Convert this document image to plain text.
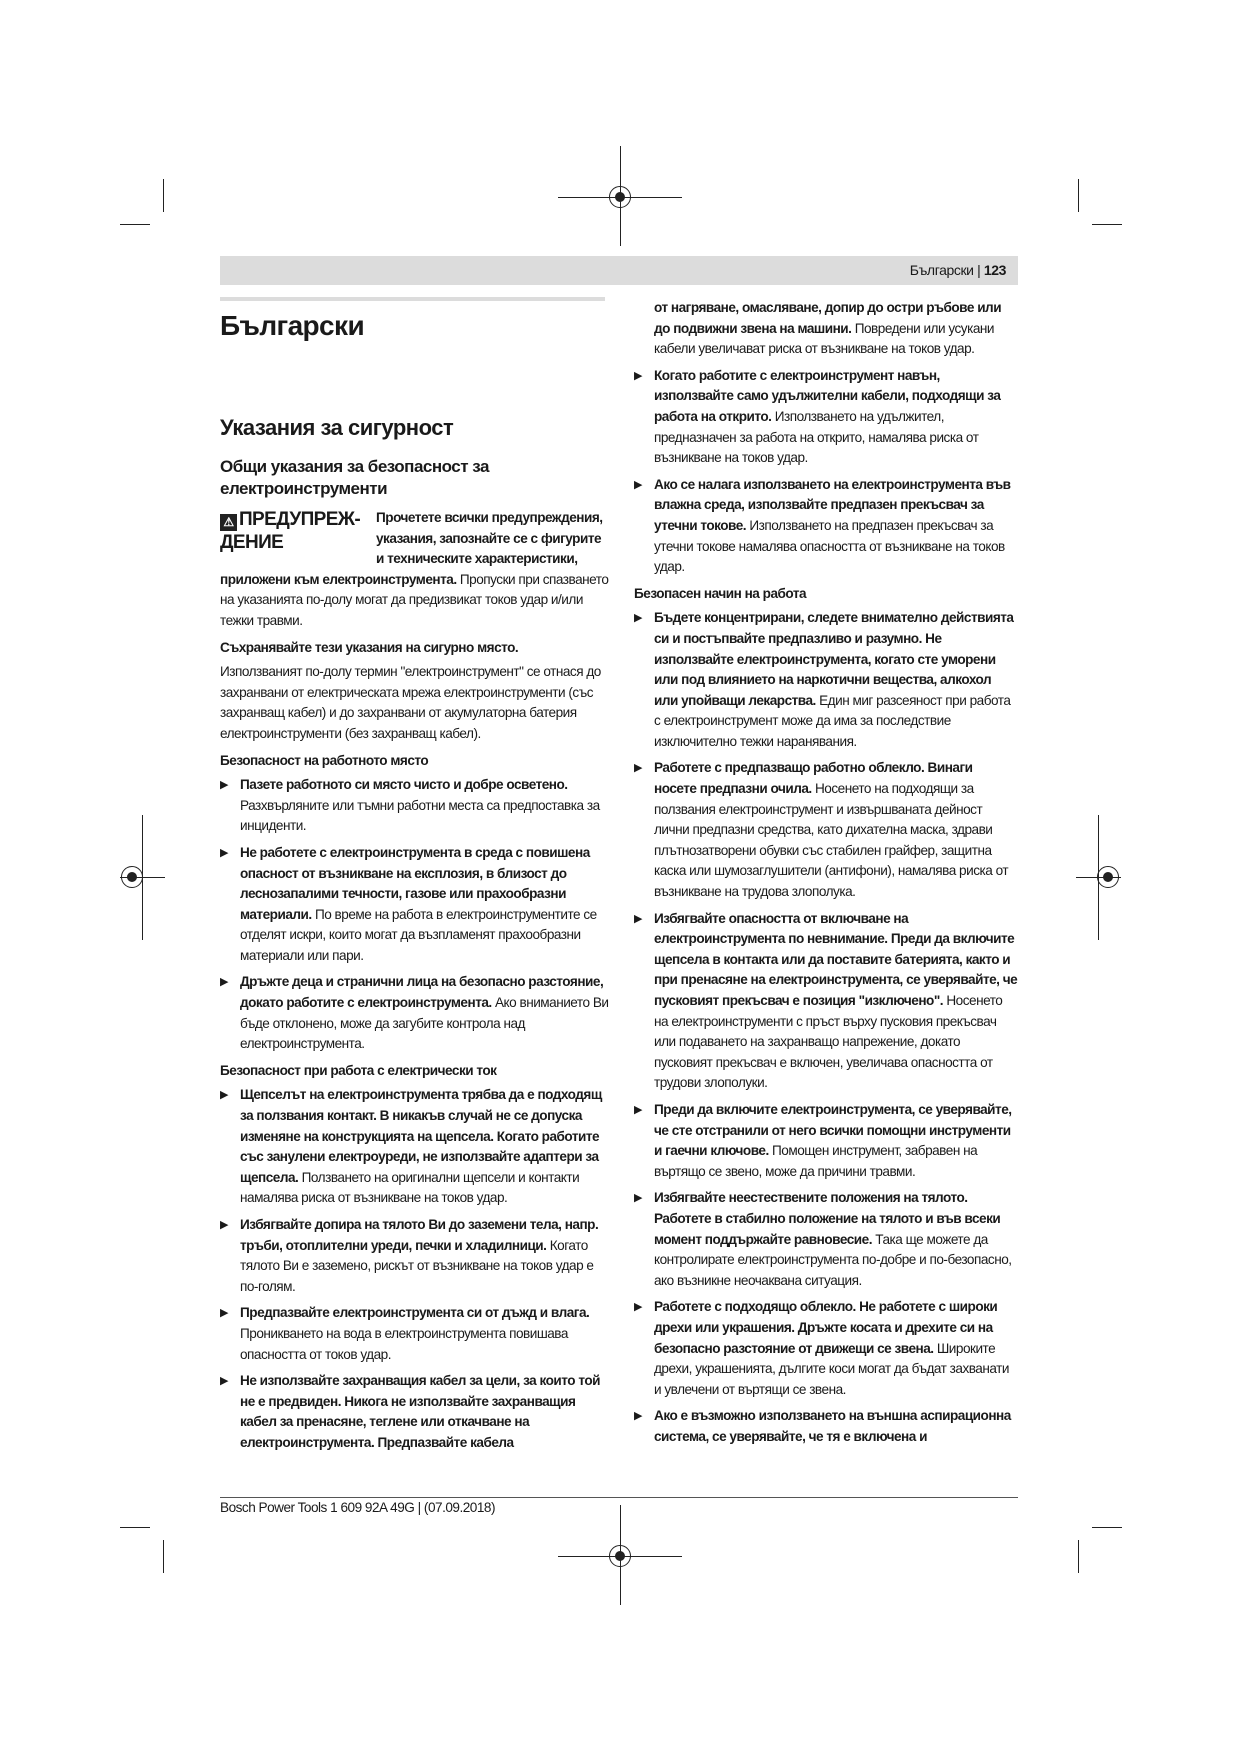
Български | 123
Български
Указания за сигурност
Общи указания за безопасност за електроинструменти
⚠ ПРЕДУПРЕЖ-ДЕНИЕ

Прочетете всички предупреждения, указания, запознайте се с фигурите и техническите характеристики, приложени към електроинструмента. Пропуски при спазването на указанията по-долу могат да предизвикат токов удар и/или тежки травми.

Съхранявайте тези указания на сигурно място.

Използваният по-долу термин "електроинструмент" се отнася до захранвани от електрическата мрежа електроинструменти (със захранващ кабел) и до захранвани от акумулаторна батерия електроинструменти (без захранващ кабел).

Безопасност на работното място

▶ Пазете работното си място чисто и добре осветено. Разхвърляните или тъмни работни места са предпоставка за инциденти.
▶ Не работете с електроинструмента в среда с повишена опасност от възникване на експлозия, в близост до леснозапалими течности, газове или прахообразни материали. По време на работа в електроинструментите се отделят искри, които могат да възпламенят прахообразни материали или пари.
▶ Дръжте деца и странични лица на безопасно разстояние, докато работите с електроинструмента. Ако вниманието Ви бъде отклонено, може да загубите контрола над електроинструмента.

Безопасност при работа с електрически ток

▶ Щепселът на електроинструмента трябва да е подходящ за ползвания контакт. В никакъв случай не се допуска изменяне на конструкцията на щепсела. Когато работите със занулени електроуреди, не използвайте адаптери за щепсела. Ползването на оригинални щепсели и контакти намалява риска от възникване на токов удар.
▶ Избягвайте допира на тялото Ви до заземени тела, напр. тръби, отоплителни уреди, печки и хладилници. Когато тялото Ви е заземено, рискът от възникване на токов удар е по-голям.
▶ Предпазвайте електроинструмента си от дъжд и влага. Проникването на вода в електроинструмента повишава опасността от токов удар.
▶ Не използвайте захранващия кабел за цели, за които той не е предвиден. Никога не използвайте захранващия кабел за пренасяне, теглене или откачване на електроинструмента. Предпазвайте кабела
от нагряване, омасляване, допир до остри ръбове или до подвижни звена на машини. Повредени или усукани кабели увеличават риска от възникване на токов удар.
▶ Когато работите с електроинструмент навън, използвайте само удължителни кабели, подходящи за работа на открито. Използването на удължител, предназначен за работа на открито, намалява риска от възникване на токов удар.
▶ Ако се налага използването на електроинструмента във влажна среда, използвайте предпазен прекъсвач за утечни токове. Използването на предпазен прекъсвач за утечни токове намалява опасността от възникване на токов удар.

Безопасен начин на работа

▶ Бъдете концентрирани, следете внимателно действията си и постъпвайте предпазливо и разумно. Не използвайте електроинструмента, когато сте уморени или под влиянието на наркотични вещества, алкохол или упойващи лекарства. Един миг разсеяност при работа с електроинструмент може да има за последствие изключително тежки наранявания.
▶ Работете с предпазващо работно облекло. Винаги носете предпазни очила. Носенето на подходящи за ползвания електроинструмент и извършваната дейност лични предпазни средства, като дихателна маска, здрави плътнозатворени обувки със стабилен грайфер, защитна каска или шумозаглушители (антифони), намалява риска от възникване на трудова злополука.
▶ Избягвайте опасността от включване на електроинструмента по невнимание. Преди да включите щепсела в контакта или да поставите батерията, както и при пренасяне на електроинструмента, се уверявайте, че пусковият прекъсвач е позиция "изключено". Носенето на електроинструменти с пръст върху пусковия прекъсвач или подаването на захранващо напрежение, докато пусковият прекъсвач е включен, увеличава опасността от трудови злополуки.
▶ Преди да включите електроинструмента, се уверявайте, че сте отстранили от него всички помощни инструменти и гаечни ключове. Помощен инструмент, забравен на въртящо се звено, може да причини травми.
▶ Избягвайте неестествените положения на тялото. Работете в стабилно положение на тялото и във всеки момент поддържайте равновесие. Така ще можете да контролирате електроинструмента по-добре и по-безопасно, ако възникне неочаквана ситуация.
▶ Работете с подходящо облекло. Не работете с широки дрехи или украшения. Дръжте косата и дрехите си на безопасно разстояние от движещи се звена. Широките дрехи, украшенията, дългите коси могат да бъдат захванати и увлечени от въртящи се звена.
▶ Ако е възможно използването на външна аспирационна система, се уверявайте, че тя е включена и
Bosch Power Tools 1 609 92A 49G | (07.09.2018)
